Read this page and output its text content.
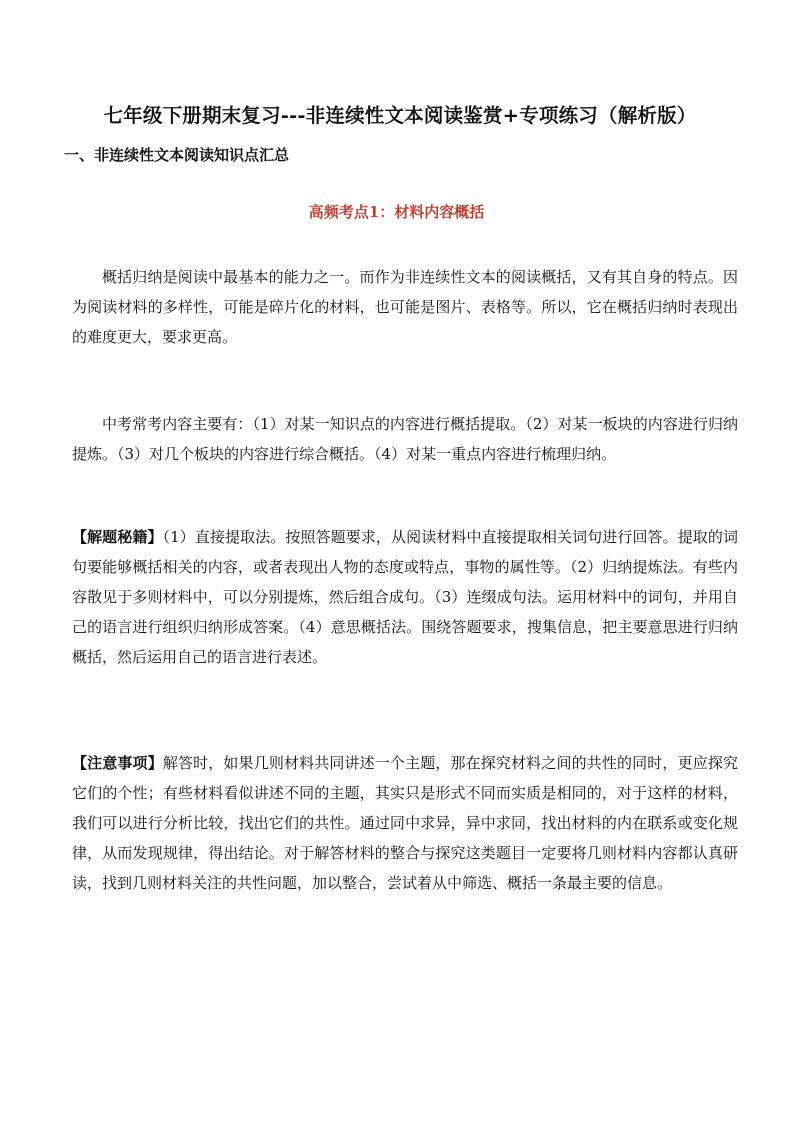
七年级下册期末复习---非连续性文本阅读鉴赏+专项练习（解析版）
一、非连续性文本阅读知识点汇总
高频考点1：材料内容概括

概括归纳是阅读中最基本的能力之一。而作为非连续性文本的阅读概括，又有其自身的特点。因为阅读材料的多样性，可能是碎片化的材料，也可能是图片、表格等。所以，它在概括归纳时表现出的难度更大，要求更高。

中考常考内容主要有：（1）对某一知识点的内容进行概括提取。（2）对某一板块的内容进行归纳提炼。（3）对几个板块的内容进行综合概括。（4）对某一重点内容进行梳理归纳。

【解题秘籍】（1）直接提取法。按照答题要求，从阅读材料中直接提取相关词句进行回答。提取的词句要能够概括相关的内容，或者表现出人物的态度或特点，事物的属性等。（2）归纳提炼法。有些内容散见于多则材料中，可以分别提炼，然后组合成句。（3）连缀成句法。运用材料中的词句，并用自己的语言进行组织归纳形成答案。（4）意思概括法。围绕答题要求，搜集信息，把主要意思进行归纳概括，然后运用自己的语言进行表述。

【注意事项】解答时，如果几则材料共同讲述一个主题，那在探究材料之间的共性的同时，更应探究它们的个性；有些材料看似讲述不同的主题，其实只是形式不同而实质是相同的，对于这样的材料，我们可以进行分析比较，找出它们的共性。通过同中求异，异中求同，找出材料的内在联系或变化规律，从而发现规律，得出结论。对于解答材料的整合与探究这类题目一定要将几则材料内容都认真研读，找到几则材料关注的共性问题，加以整合，尝试着从中筛选、概括一条最主要的信息。
